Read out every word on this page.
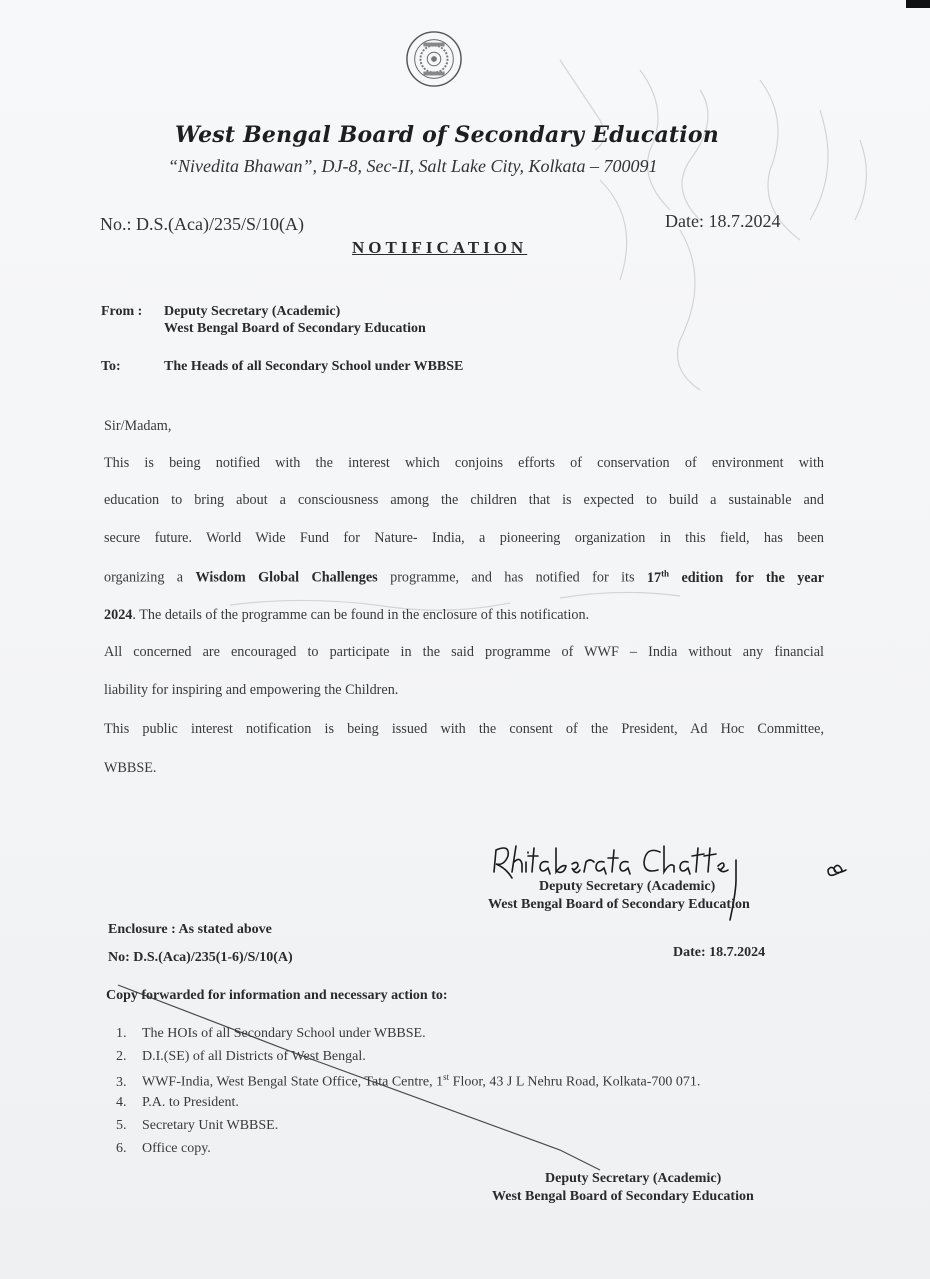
West Bengal Board of Secondary Education
“Nivedita Bhawan”, DJ-8, Sec-II, Salt Lake City, Kolkata – 700091
No.: D.S.(Aca)/235/S/10(A)	Date: 18.7.2024
NOTIFICATION
From : Deputy Secretary (Academic)
West Bengal Board of Secondary Education
To:	The Heads of all Secondary School under WBBSE
Sir/Madam,
This is being notified with the interest which conjoins efforts of conservation of environment with
education to bring about a consciousness among the children that is expected to build a sustainable and
secure future. World Wide Fund for Nature- India, a pioneering organization in this field, has been
organizing a Wisdom Global Challenges programme, and has notified for its 17th edition for the year
2024. The details of the programme can be found in the enclosure of this notification.
All concerned are encouraged to participate in the said programme of WWF – India without any financial
liability for inspiring and empowering the Children.
This public interest notification is being issued with the consent of the President, Ad Hoc Committee,
WBBSE.
Deputy Secretary (Academic)
West Bengal Board of Secondary Education
Enclosure : As stated above
No: D.S.(Aca)/235(1-6)/S/10(A)	Date: 18.7.2024
Copy forwarded for information and necessary action to:
1. The HOIs of all Secondary School under WBBSE.
2. D.I.(SE) of all Districts of West Bengal.
3. WWF-India, West Bengal State Office, Tata Centre, 1st Floor, 43 J L Nehru Road, Kolkata-700 071.
4. P.A. to President.
5. Secretary Unit WBBSE.
6. Office copy.
Deputy Secretary (Academic)
West Bengal Board of Secondary Education
